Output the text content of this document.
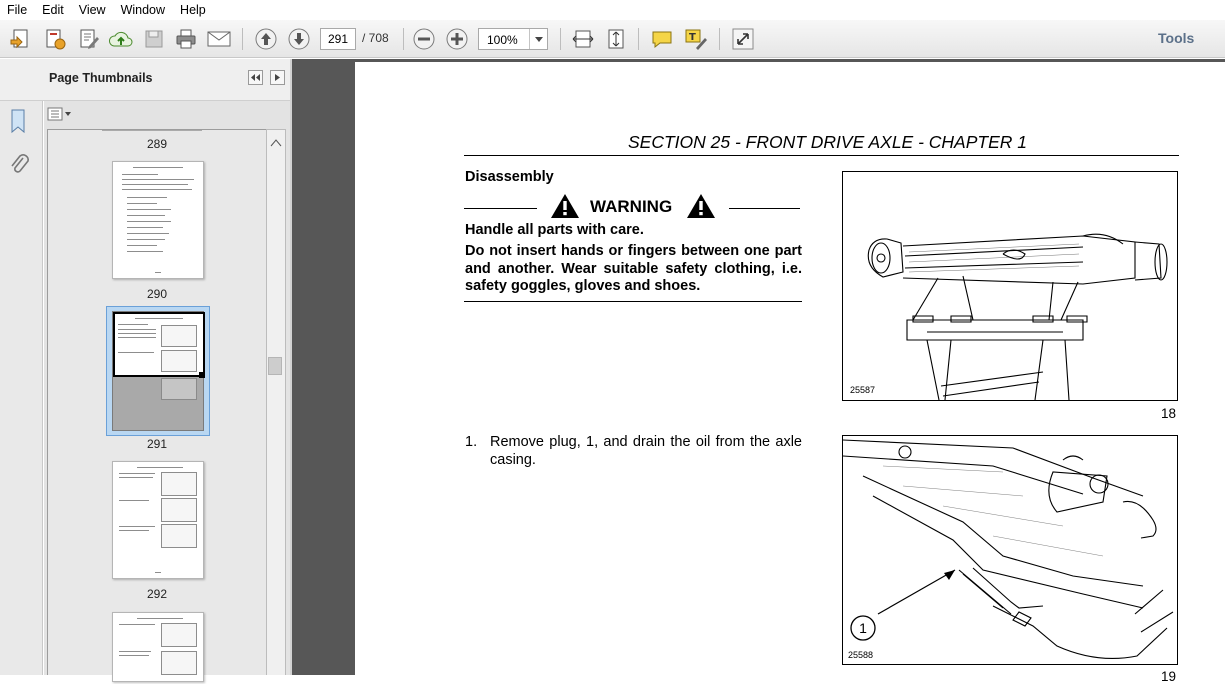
File	Edit	View	Window	Help
291
/ 708	100%	T	Tools
Page Thumbnails
289
290
291
292
SECTION 25 - FRONT DRIVE AXLE - CHAPTER 1
Disassembly
WARNING
Handle all parts with care.
Do not insert hands or fingers between one part and another. Wear suitable safety clothing, i.e. safety goggles, gloves and shoes.
25587
18
1. Remove plug, 1, and drain the oil from the axle casing.
1
25588
19
